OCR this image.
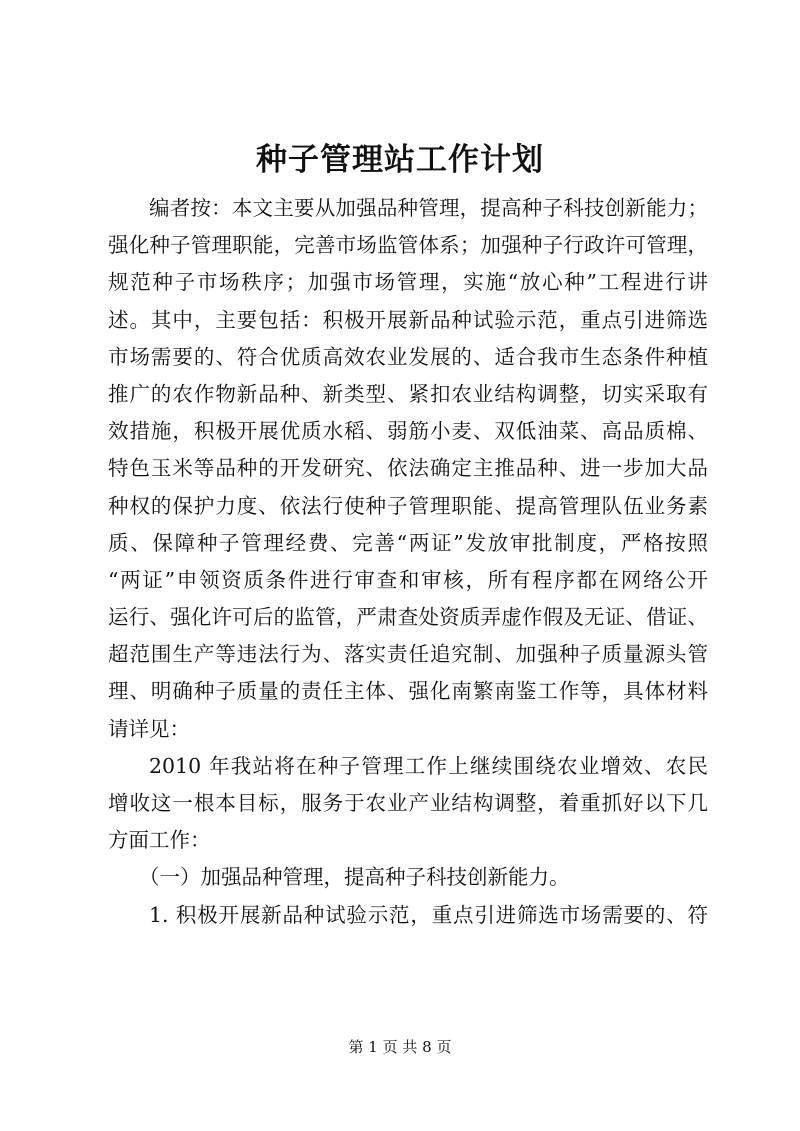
种子管理站工作计划
编者按：本文主要从加强品种管理，提高种子科技创新能力；
强化种子管理职能，完善市场监管体系；加强种子行政许可管理，
规范种子市场秩序；加强市场管理，实施“放心种”工程进行讲
述。其中，主要包括：积极开展新品种试验示范，重点引进筛选
市场需要的、符合优质高效农业发展的、适合我市生态条件种植
推广的农作物新品种、新类型、紧扣农业结构调整，切实采取有
效措施，积极开展优质水稻、弱筋小麦、双低油菜、高品质棉、
特色玉米等品种的开发研究、依法确定主推品种、进一步加大品
种权的保护力度、依法行使种子管理职能、提高管理队伍业务素
质、保障种子管理经费、完善“两证”发放审批制度，严格按照
“两证”申领资质条件进行审查和审核，所有程序都在网络公开
运行、强化许可后的监管，严肃查处资质弄虚作假及无证、借证、
超范围生产等违法行为、落实责任追究制、加强种子质量源头管
理、明确种子质量的责任主体、强化南繁南鉴工作等，具体材料
请详见：
2010 年我站将在种子管理工作上继续围绕农业增效、农民
增收这一根本目标，服务于农业产业结构调整，着重抓好以下几
方面工作：
（一）加强品种管理，提高种子科技创新能力。
1. 积极开展新品种试验示范，重点引进筛选市场需要的、符
第 1 页 共 8 页
